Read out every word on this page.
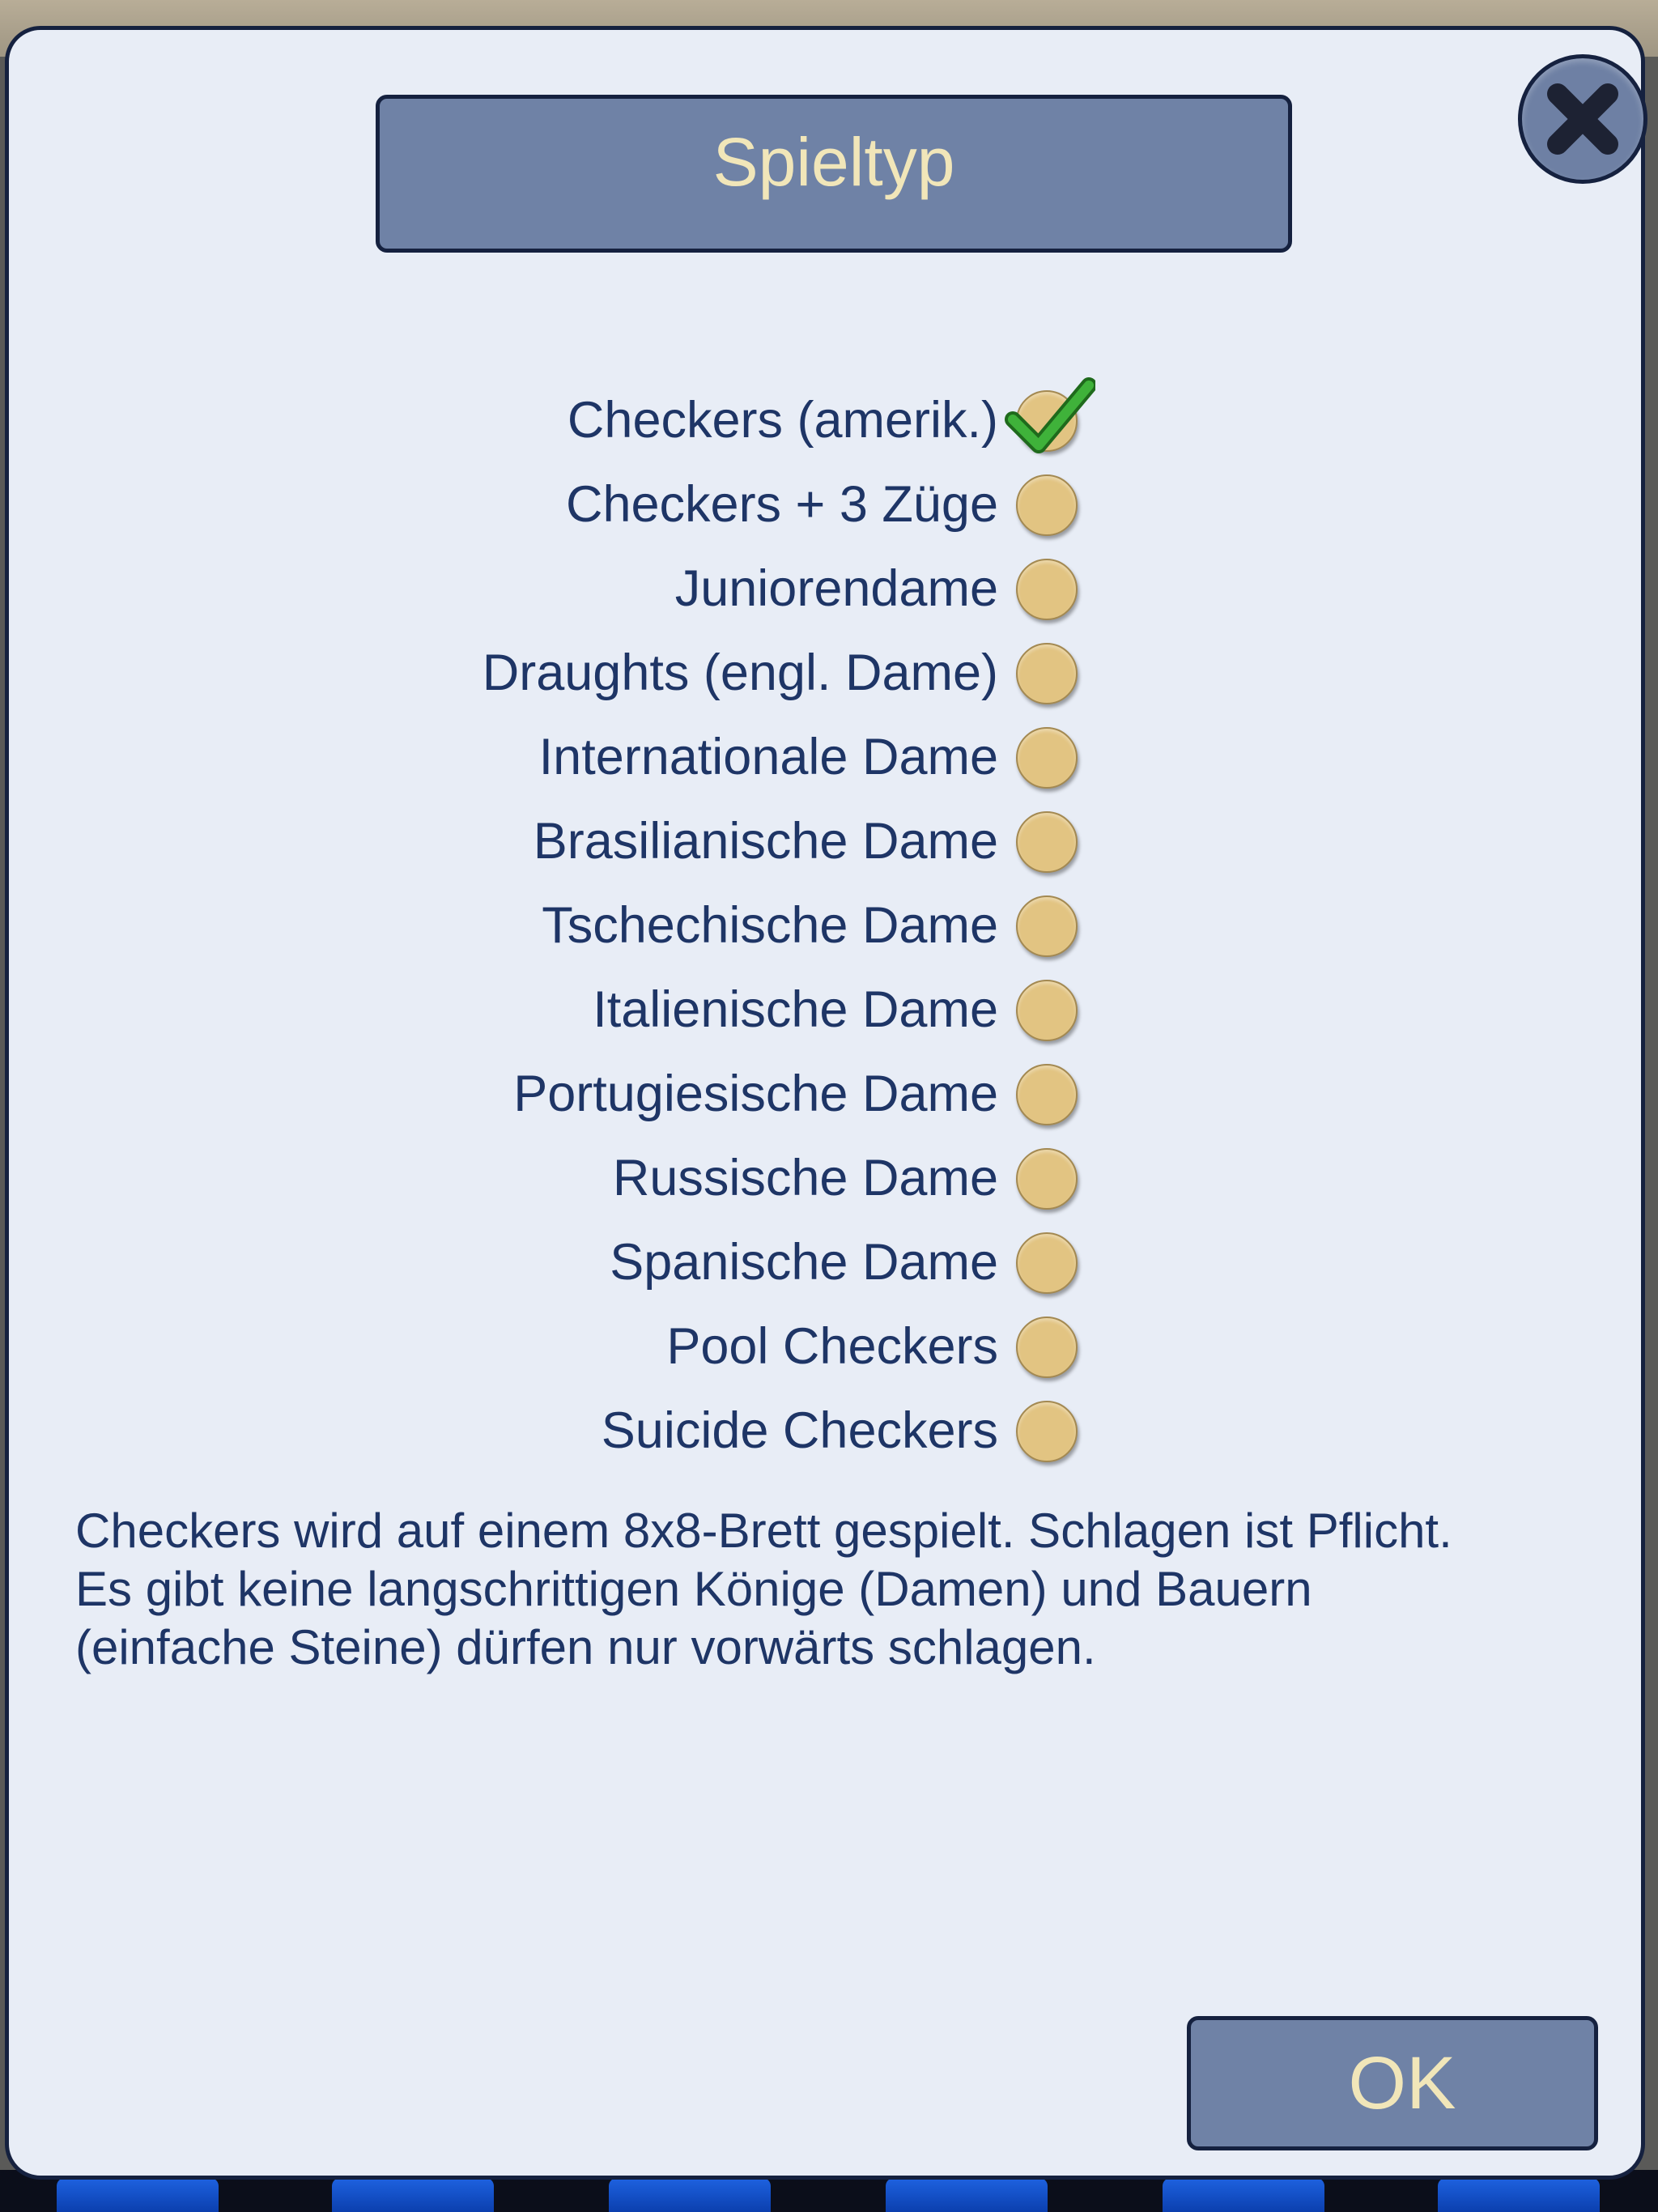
Spieltyp
Checkers (amerik.)
Checkers + 3 Züge
Juniorendame
Draughts (engl. Dame)
Internationale Dame
Brasilianische Dame
Tschechische Dame
Italienische Dame
Portugiesische Dame
Russische Dame
Spanische Dame
Pool Checkers
Suicide Checkers

Checkers wird auf einem 8x8-Brett gespielt. Schlagen ist Pflicht.

Es gibt keine langschrittigen Könige (Damen) und Bauern

(einfache Steine) dürfen nur vorwärts schlagen.

OK
